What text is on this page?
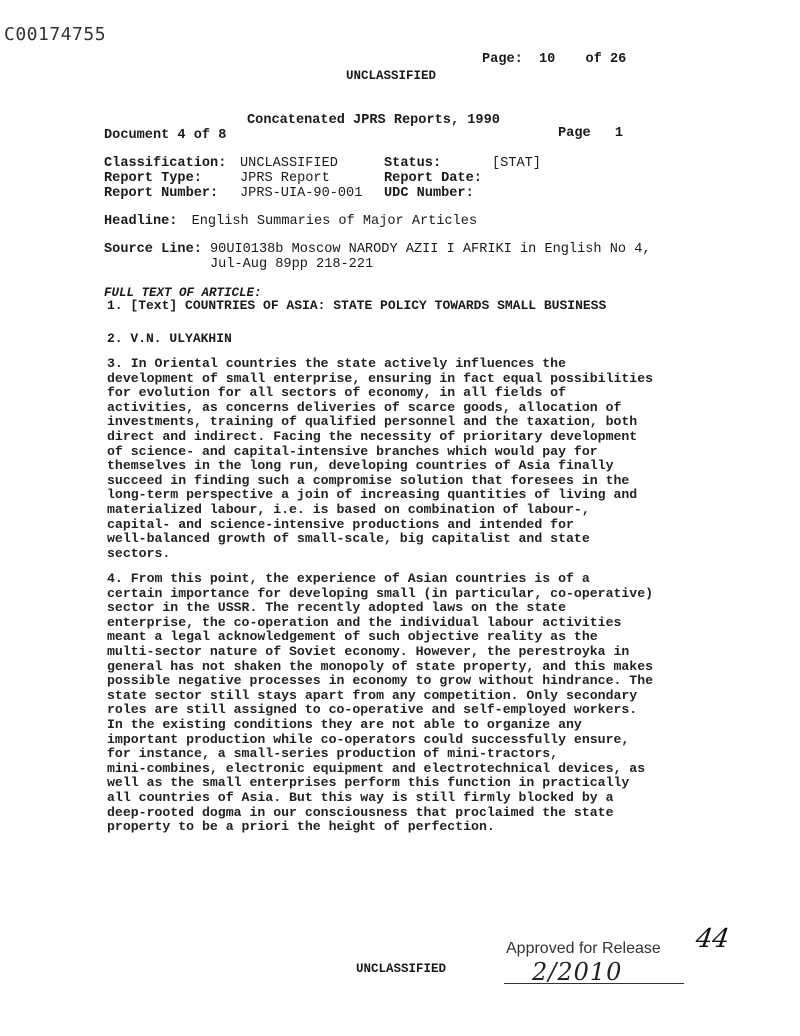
C00174755
Page: 10 of 26
UNCLASSIFIED
Concatenated JPRS Reports, 1990
Document 4 of 8	Page 1
Classification: UNCLASSIFIED	Status:	[STAT]
Report Type:	JPRS Report	Report Date:
Report Number: JPRS-UIA-90-001 UDC Number:
Headline: English Summaries of Major Articles
Source Line: 90UI0138b Moscow NARODY AZII I AFRIKI in English No 4,
Jul-Aug 89pp 218-221
FULL TEXT OF ARTICLE:
1. [Text] COUNTRIES OF ASIA: STATE POLICY TOWARDS SMALL BUSINESS
2. V.N. ULYAKHIN
3. In Oriental countries the state actively influences the
development of small enterprise, ensuring in fact equal possibilities
for evolution for all sectors of economy, in all fields of
activities, as concerns deliveries of scarce goods, allocation of
investments, training of qualified personnel and the taxation, both
direct and indirect. Facing the necessity of prioritary development
of science- and capital-intensive branches which would pay for
themselves in the long run, developing countries of Asia finally
succeed in finding such a compromise solution that foresees in the
long-term perspective a join of increasing quantities of living and
materialized labour, i.e. is based on combination of labour-,
capital- and science-intensive productions and intended for
well-balanced growth of small-scale, big capitalist and state
sectors.
4. From this point, the experience of Asian countries is of a
certain importance for developing small (in particular, co-operative)
sector in the USSR. The recently adopted laws on the state
enterprise, the co-operation and the individual labour activities
meant a legal acknowledgement of such objective reality as the
multi-sector nature of Soviet economy. However, the perestroyka in
general has not shaken the monopoly of state property, and this makes
possible negative processes in economy to grow without hindrance. The
state sector still stays apart from any competition. Only secondary
roles are still assigned to co-operative and self-employed workers.
In the existing conditions they are not able to organize any
important production while co-operators could successfully ensure,
for instance, a small-series production of mini-tractors,
mini-combines, electronic equipment and electrotechnical devices, as
well as the small enterprises perform this function in practically
all countries of Asia. But this way is still firmly blocked by a
deep-rooted dogma in our consciousness that proclaimed the state
property to be a priori the height of perfection.
Approved for Release 44
UNCLASSIFIED	2/2010
